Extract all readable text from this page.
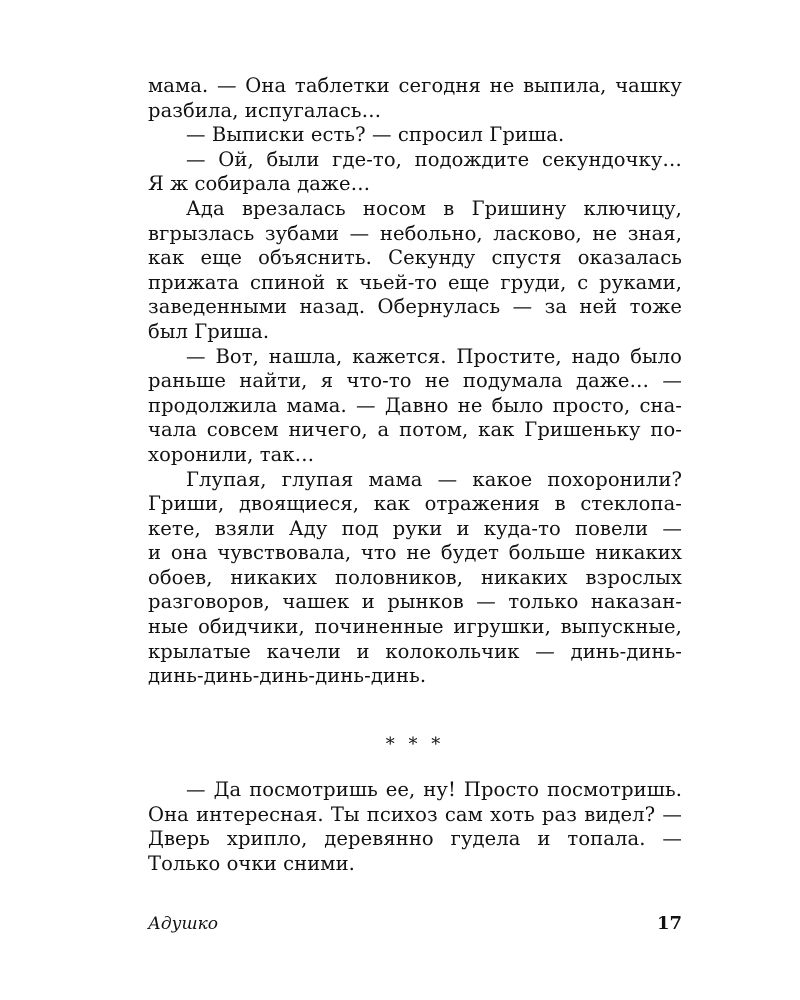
мама. — Она таблетки сегодня не выпила, чашку
разбила, испугалась…
— Выписки есть? — спросил Гриша.
— Ой, были где-то, подождите секундочку…
Я ж собирала даже…
Ада врезалась носом в Гришину ключицу,
вгрызлась зубами — небольно, ласково, не зная,
как еще объяснить. Секунду спустя оказалась
прижата спиной к чьей-то еще груди, с руками,
заведенными назад. Обернулась — за ней тоже
был Гриша.
— Вот, нашла, кажется. Простите, надо было
раньше найти, я что-то не подумала даже… —
продолжила мама. — Давно не было просто, сна-
чала совсем ничего, а потом, как Гришеньку по-
хоронили, так…
Глупая, глупая мама — какое похоронили?
Гриши, двоящиеся, как отражения в стеклопа-
кете, взяли Аду под руки и куда-то повели —
и она чувствовала, что не будет больше никаких
обоев, никаких половников, никаких взрослых
разговоров, чашек и рынков — только наказан-
ные обидчики, починенные игрушки, выпускные,
крылатые качели и колокольчик — динь-динь-
динь-динь-динь-динь-динь.
* * *
— Да посмотришь ее, ну! Просто посмотришь.
Она интересная. Ты психоз сам хоть раз видел? —
Дверь хрипло, деревянно гудела и топала. —
Только очки сними.
Адушко	17
